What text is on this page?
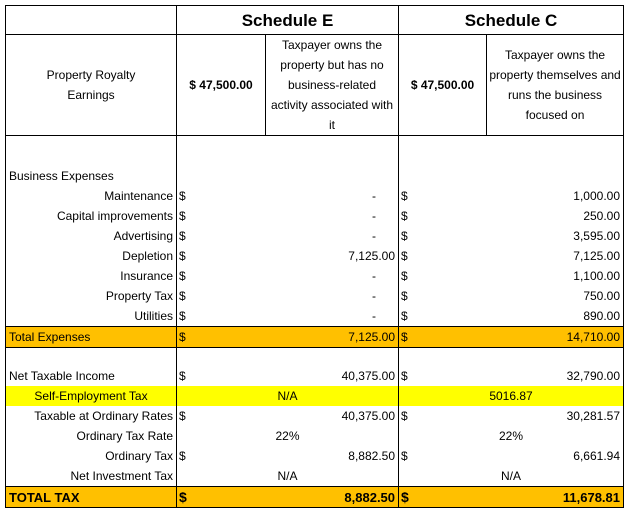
	Schedule E		Schedule C	
Property Royalty Earnings	$ 47,500.00	Taxpayer owns the property but has no business-related activity associated with it	$ 47,500.00	Taxpayer owns the property themselves and runs the business focused on

Business Expenses				
Maintenance	$	-	$	1,000.00
Capital improvements	$	-	$	250.00
Advertising	$	-	$	3,595.00
Depletion	$	7,125.00	$	7,125.00
Insurance	$	-	$	1,100.00
Property Tax	$	-	$	750.00
Utilities	$	-	$	890.00
Total Expenses	$	7,125.00	$	14,710.00

Net Taxable Income	$	40,375.00	$	32,790.00
Self-Employment Tax	N/A		5016.87	
Taxable at Ordinary Rates	$	40,375.00	$	30,281.57
Ordinary Tax Rate	22%		22%	
Ordinary Tax	$	8,882.50	$	6,661.94
Net Investment Tax	N/A		N/A	
TOTAL TAX	$	8,882.50	$	11,678.81
